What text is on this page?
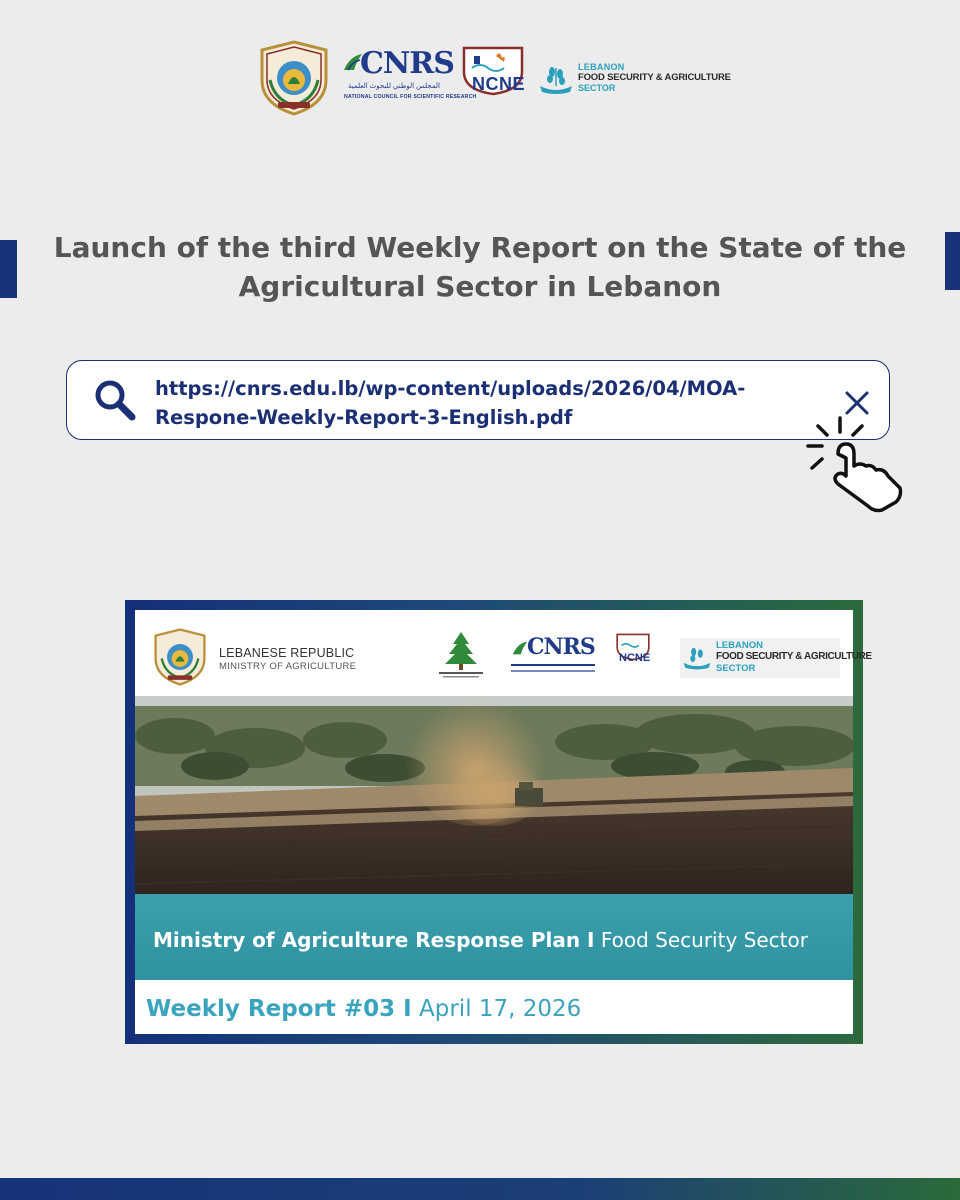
CNRS
المجلس الوطني للبحوث العلمية
NATIONAL COUNCIL FOR SCIENTIFIC RESEARCH
NCNE
LEBANON
FOOD SECURITY & AGRICULTURE
SECTOR
Launch of the third Weekly Report on the State of the Agricultural Sector in Lebanon
https://cnrs.edu.lb/wp-content/uploads/2026/04/MOA-
Respone-Weekly-Report-3-English.pdf
LEBANESE REPUBLIC
MINISTRY OF AGRICULTURE
CNRS NCNE
LEBANON
FOOD SECURITY & AGRICULTURE
SECTOR
Ministry of Agriculture Response Plan I Food Security Sector
Weekly Report #03 I April 17, 2026
